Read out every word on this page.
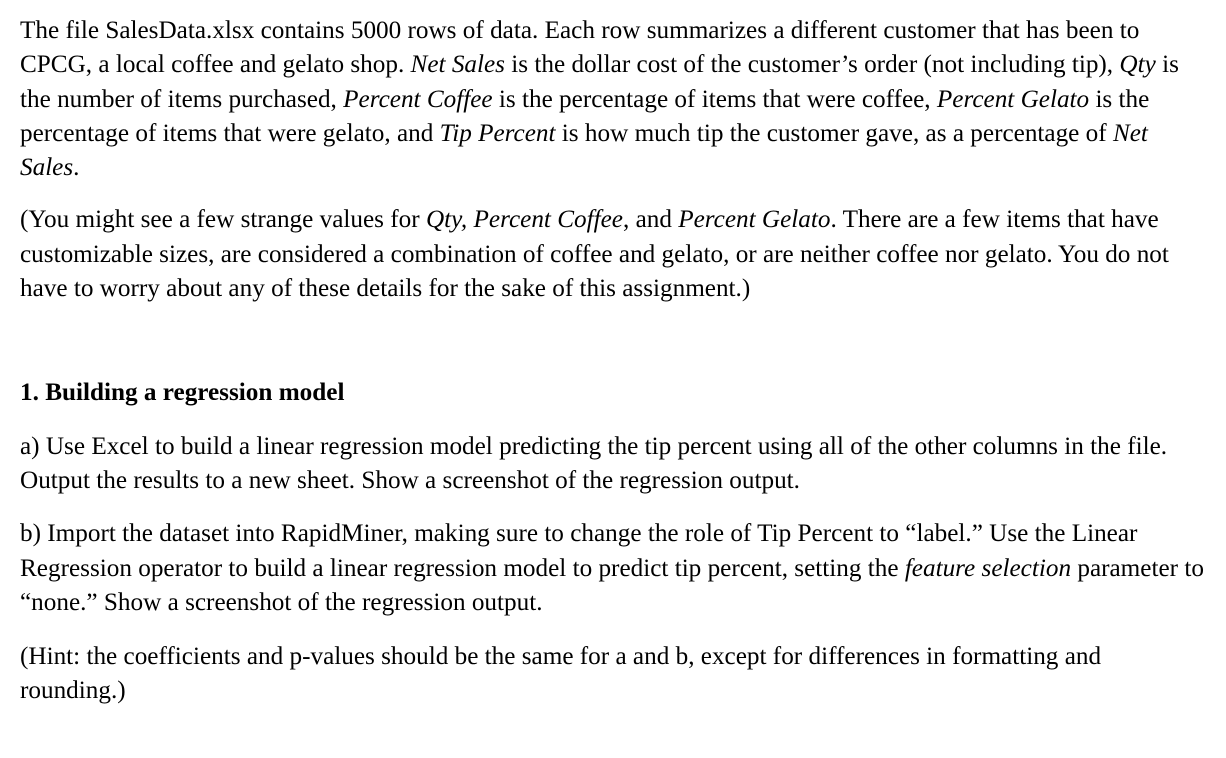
The file SalesData.xlsx contains 5000 rows of data. Each row summarizes a different customer that has been to CPCG, a local coffee and gelato shop. Net Sales is the dollar cost of the customer’s order (not including tip), Qty is the number of items purchased, Percent Coffee is the percentage of items that were coffee, Percent Gelato is the percentage of items that were gelato, and Tip Percent is how much tip the customer gave, as a percentage of Net Sales.

(You might see a few strange values for Qty, Percent Coffee, and Percent Gelato. There are a few items that have customizable sizes, are considered a combination of coffee and gelato, or are neither coffee nor gelato. You do not have to worry about any of these details for the sake of this assignment.)

1. Building a regression model

a) Use Excel to build a linear regression model predicting the tip percent using all of the other columns in the file. Output the results to a new sheet. Show a screenshot of the regression output.

b) Import the dataset into RapidMiner, making sure to change the role of Tip Percent to “label.” Use the Linear Regression operator to build a linear regression model to predict tip percent, setting the feature selection parameter to “none.” Show a screenshot of the regression output.

(Hint: the coefficients and p-values should be the same for a and b, except for differences in formatting and rounding.)
